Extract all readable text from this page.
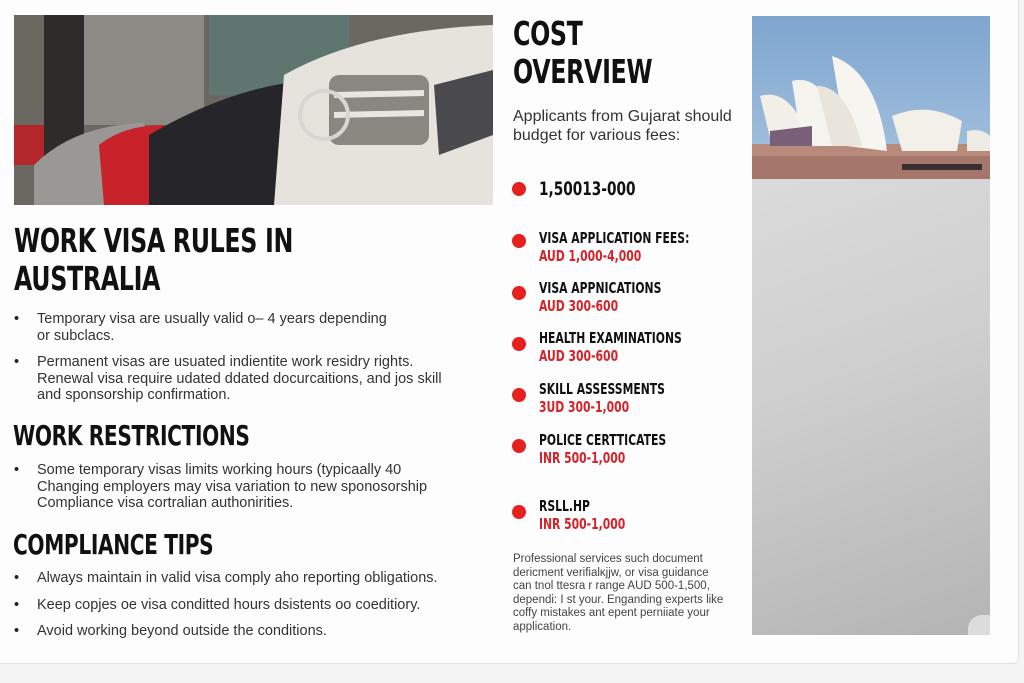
WORK VISA RULES IN
AUSTRALIA
• Temporary visa are usually valid o– 4 years depending
or subclacs.
• Permanent visas are usuated indientite work residry rights.
Renewal visa require udated ddated docurcaitions, and jos skill
and sponsorship confirmation.
WORK RESTRICTIONS
• Some temporary visas limits working hours (typicaally 40
Changing employers may visa variation to new sponosorship
Compliance visa cortralian authonirities.
COMPLIANCE TIPS
• Always maintain in valid visa comply aho reporting obligations.
• Keep copjes oe visa conditted hours dsistents oo coeditiory.
• Avoid working beyond outside the conditions.
COST
OVERVIEW

Applicants from Gujarat should budget for various fees:

1,50013-000
VISA APPLICATION FEES:
AUD 1,000-4,000
VISA APPNICATIONS
AUD 300-600
HEALTH EXAMINATIONS
AUD 300-600
SKILL ASSESSMENTS
3UD 300-1,000
POLICE CERTTICATES
INR 500-1,000
RSLL.HP
INR 500-1,000

Professional services such document dericment verifialĸjjw, or visa guidance can tnol ttesra r range AUD 500-1,500, dependi: I st your. Enganding experts like coffy mistakes ant epent perniiate your application.
